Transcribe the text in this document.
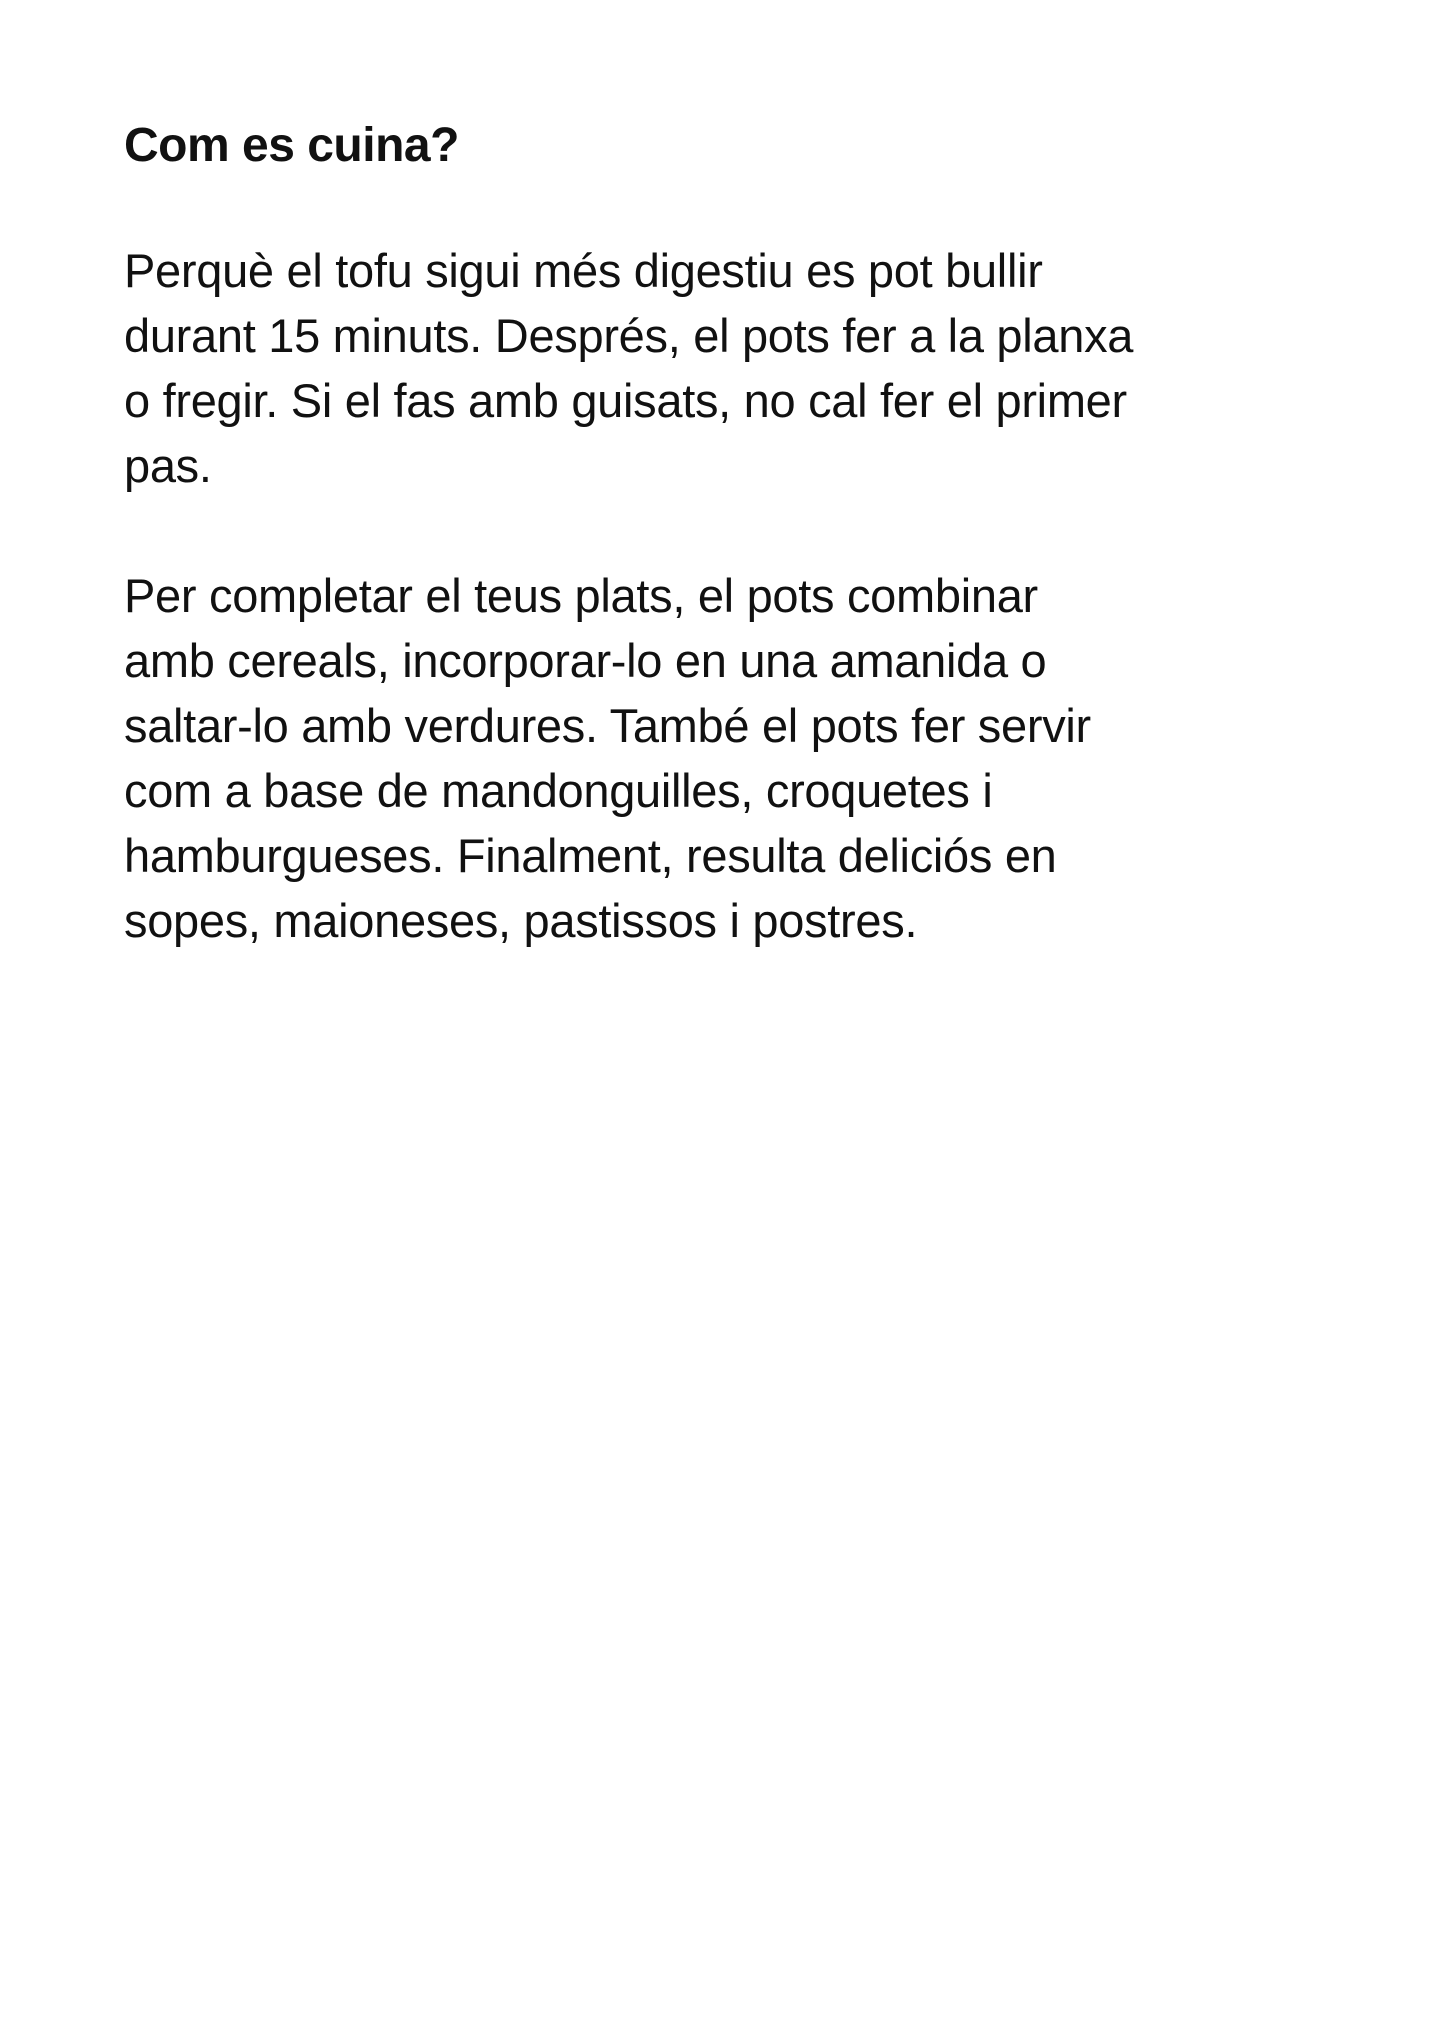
Com es cuina?

Perquè el tofu sigui més digestiu es pot bullir
durant 15 minuts. Després, el pots fer a la planxa
o fregir. Si el fas amb guisats, no cal fer el primer
pas.

Per completar el teus plats, el pots combinar
amb cereals, incorporar-lo en una amanida o
saltar-lo amb verdures. També el pots fer servir
com a base de mandonguilles, croquetes i
hamburgueses. Finalment, resulta deliciós en
sopes, maioneses, pastissos i postres.
